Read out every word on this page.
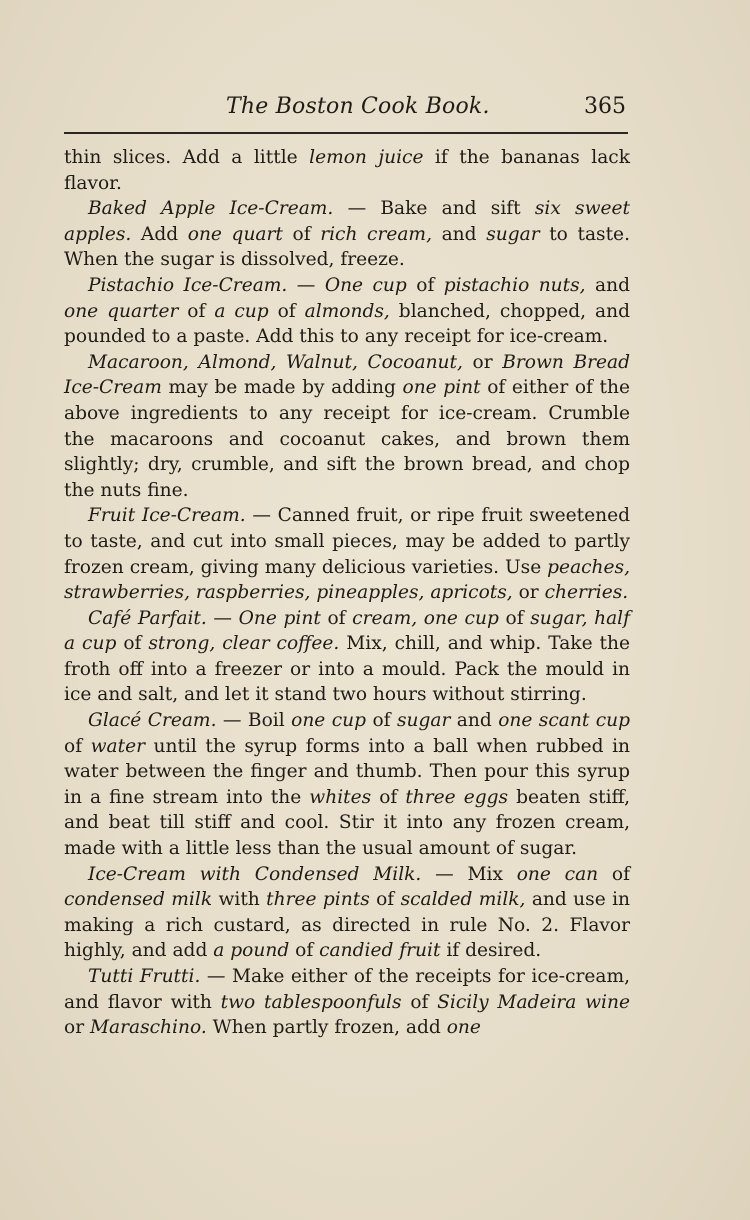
The Boston Cook Book.	365

thin slices. Add a little lemon juice if the bananas lack flavor.

Baked Apple Ice-Cream. — Bake and sift six sweet apples. Add one quart of rich cream, and sugar to taste. When the sugar is dissolved, freeze.

Pistachio Ice-Cream. — One cup of pistachio nuts, and one quarter of a cup of almonds, blanched, chopped, and pounded to a paste. Add this to any receipt for ice-cream.

Macaroon, Almond, Walnut, Cocoanut, or Brown Bread Ice-Cream may be made by adding one pint of either of the above ingredients to any receipt for ice-cream. Crumble the macaroons and cocoanut cakes, and brown them slightly; dry, crumble, and sift the brown bread, and chop the nuts fine.

Fruit Ice-Cream. — Canned fruit, or ripe fruit sweetened to taste, and cut into small pieces, may be added to partly frozen cream, giving many delicious varieties. Use peaches, strawberries, raspberries, pineapples, apricots, or cherries.

Café Parfait. — One pint of cream, one cup of sugar, half a cup of strong, clear coffee. Mix, chill, and whip. Take the froth off into a freezer or into a mould. Pack the mould in ice and salt, and let it stand two hours without stirring.

Glacé Cream. — Boil one cup of sugar and one scant cup of water until the syrup forms into a ball when rubbed in water between the finger and thumb. Then pour this syrup in a fine stream into the whites of three eggs beaten stiff, and beat till stiff and cool. Stir it into any frozen cream, made with a little less than the usual amount of sugar.

Ice-Cream with Condensed Milk. — Mix one can of condensed milk with three pints of scalded milk, and use in making a rich custard, as directed in rule No. 2. Flavor highly, and add a pound of candied fruit if desired.

Tutti Frutti. — Make either of the receipts for ice-cream, and flavor with two tablespoonfuls of Sicily Madeira wine or Maraschino. When partly frozen, add one
